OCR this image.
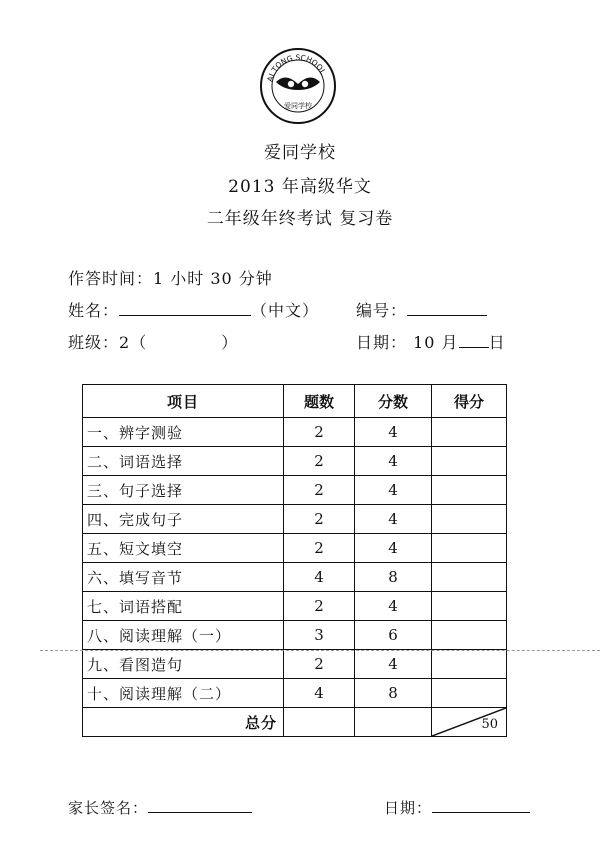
AI TONG SCHOOL
爱同学校
爱同学校
2013 年高级华文
二年级年终考试 复习卷
作答时间：1 小时 30 分钟
姓名：	（中文） 编号：
班级：2（	）	日期： 10 月 日
项目	题数	分数	得分
一、辨字测验	2	4	
二、词语选择	2	4	
三、句子选择	2	4	
四、完成句子	2	4	
五、短文填空	2	4	
六、填写音节	4	8	
七、词语搭配	2	4	
八、阅读理解（一）	3	6	
九、看图造句	2	4	
十、阅读理解（二）	4	8	
总分			50
家长签名：	日期：
